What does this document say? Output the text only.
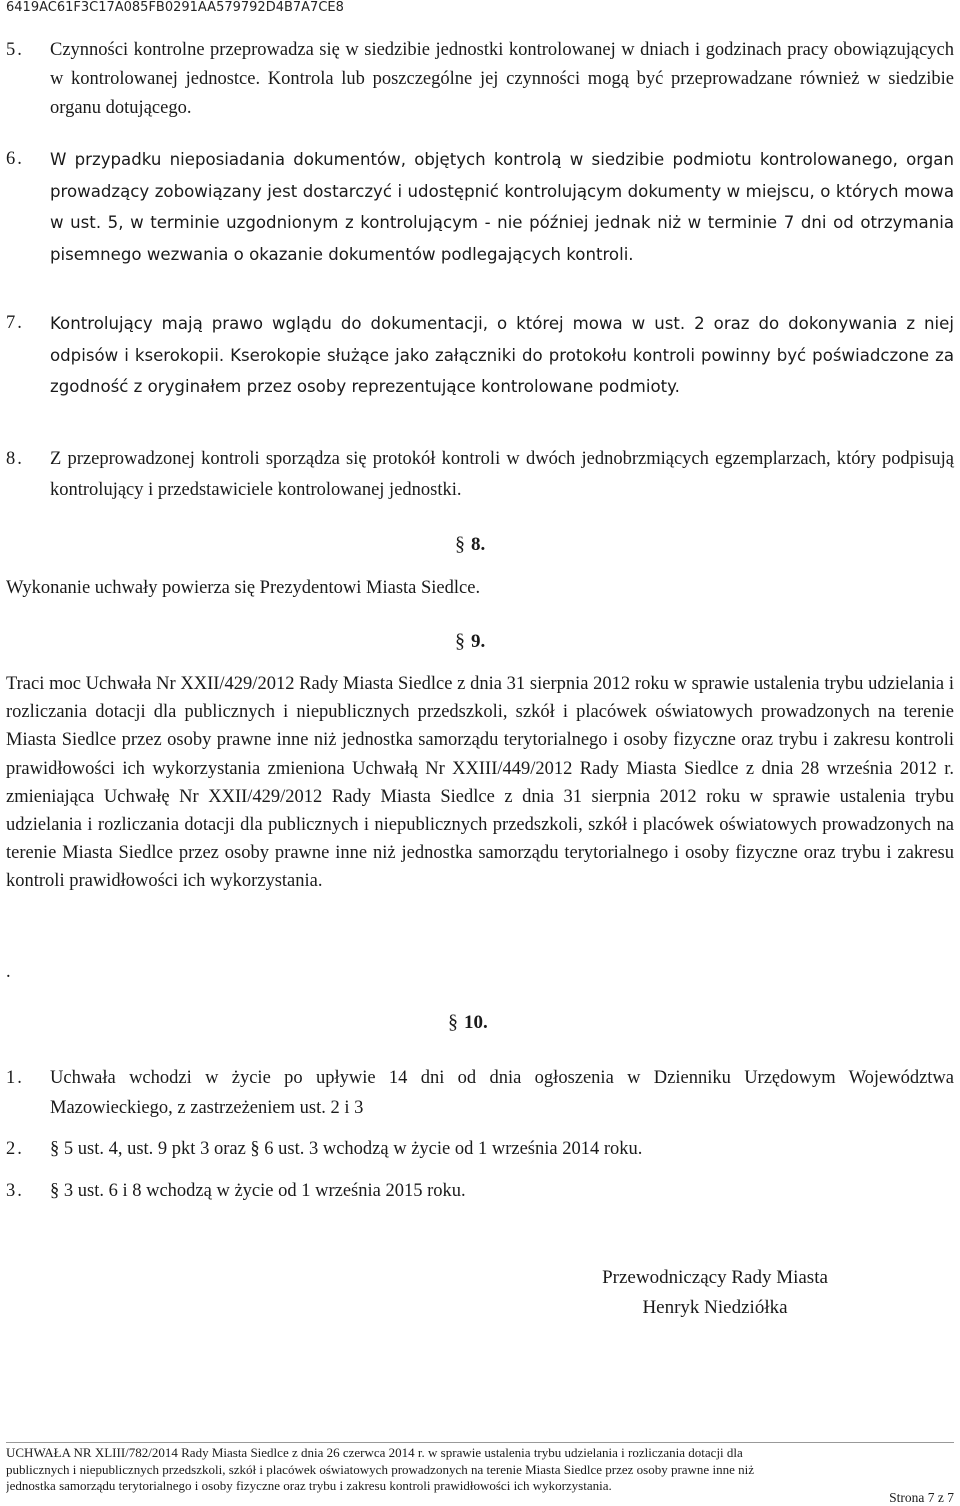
6419AC61F3C17A085FB0291AA579792D4B7A7CE8
5.	Czynności kontrolne przeprowadza się w siedzibie jednostki kontrolowanej w dniach i godzinach pracy obowiązujących w kontrolowanej jednostce. Kontrola lub poszczególne jej czynności mogą być przeprowadzane również w siedzibie organu dotującego.
6.	W przypadku nieposiadania dokumentów, objętych kontrolą w siedzibie podmiotu kontrolowanego, organ prowadzący zobowiązany jest dostarczyć i udostępnić kontrolującym dokumenty w miejscu, o których mowa w ust. 5, w terminie uzgodnionym z kontrolującym - nie później jednak niż w terminie 7 dni od otrzymania pisemnego wezwania o okazanie dokumentów podlegających kontroli.
7.	Kontrolujący mają prawo wglądu do dokumentacji, o której mowa w ust. 2 oraz do dokonywania z niej odpisów i kserokopii. Kserokopie służące jako załączniki do protokołu kontroli powinny być poświadczone za zgodność z oryginałem przez osoby reprezentujące kontrolowane podmioty.
8.	Z przeprowadzonej kontroli sporządza się protokół kontroli w dwóch jednobrzmiących egzemplarzach, który podpisują kontrolujący i przedstawiciele kontrolowanej jednostki.
§ 8.
Wykonanie uchwały powierza się Prezydentowi Miasta Siedlce.
§ 9.
Traci moc Uchwała Nr XXII/429/2012 Rady Miasta Siedlce z dnia 31 sierpnia 2012 roku w sprawie ustalenia trybu udzielania i rozliczania dotacji dla publicznych i niepublicznych przedszkoli, szkół i placówek oświatowych prowadzonych na terenie Miasta Siedlce przez osoby prawne inne niż jednostka samorządu terytorialnego i osoby fizyczne oraz trybu i zakresu kontroli prawidłowości ich wykorzystania zmieniona Uchwałą Nr XXIII/449/2012 Rady Miasta Siedlce z dnia 28 września 2012 r. zmieniająca Uchwałę Nr XXII/429/2012 Rady Miasta Siedlce z dnia 31 sierpnia 2012 roku w sprawie ustalenia trybu udzielania i rozliczania dotacji dla publicznych i niepublicznych przedszkoli, szkół i placówek oświatowych prowadzonych na terenie Miasta Siedlce przez osoby prawne inne niż jednostka samorządu terytorialnego i osoby fizyczne oraz trybu i zakresu kontroli prawidłowości ich wykorzystania.
.
§ 10.
1.	Uchwała wchodzi w życie po upływie 14 dni od dnia ogłoszenia w Dzienniku Urzędowym Województwa Mazowieckiego, z zastrzeżeniem ust. 2 i 3
2.	§ 5 ust. 4, ust. 9 pkt 3 oraz § 6 ust. 3 wchodzą w życie od 1 września 2014 roku.
3.	§ 3 ust. 6 i 8 wchodzą w życie od 1 września 2015 roku.
Przewodniczący Rady Miasta
Henryk Niedziółka
UCHWAŁA NR XLIII/782/2014 Rady Miasta Siedlce z dnia 26 czerwca 2014 r. w sprawie ustalenia trybu udzielania i rozliczania dotacji dla
publicznych i niepublicznych przedszkoli, szkół i placówek oświatowych prowadzonych na terenie Miasta Siedlce przez osoby prawne inne niż
jednostka samorządu terytorialnego i osoby fizyczne oraz trybu i zakresu kontroli prawidłowości ich wykorzystania.
Strona 7 z 7
